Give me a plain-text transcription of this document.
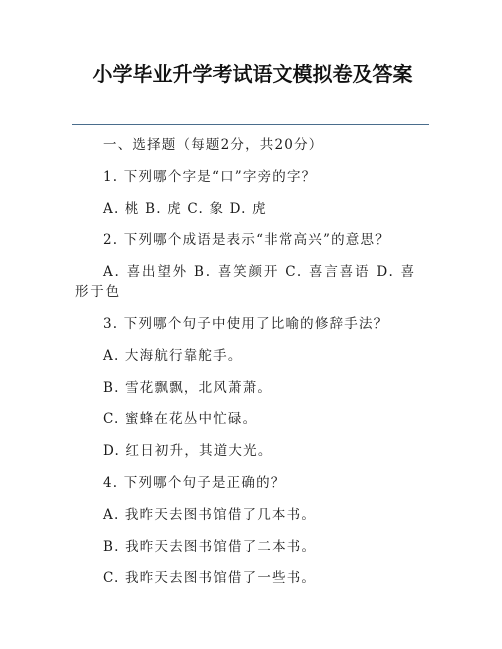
小学毕业升学考试语文模拟卷及答案

一、选择题（每题2分，共20分）

1. 下列哪个字是“口”字旁的字？

A. 桃 B. 虎 C. 象 D. 虎

2. 下列哪个成语是表示“非常高兴”的意思？

A. 喜出望外 B. 喜笑颜开 C. 喜言喜语 D. 喜形于色

3. 下列哪个句子中使用了比喻的修辞手法？

A. 大海航行靠舵手。

B. 雪花飘飘，北风萧萧。

C. 蜜蜂在花丛中忙碌。

D. 红日初升，其道大光。

4. 下列哪个句子是正确的？

A. 我昨天去图书馆借了几本书。

B. 我昨天去图书馆借了二本书。

C. 我昨天去图书馆借了一些书。
